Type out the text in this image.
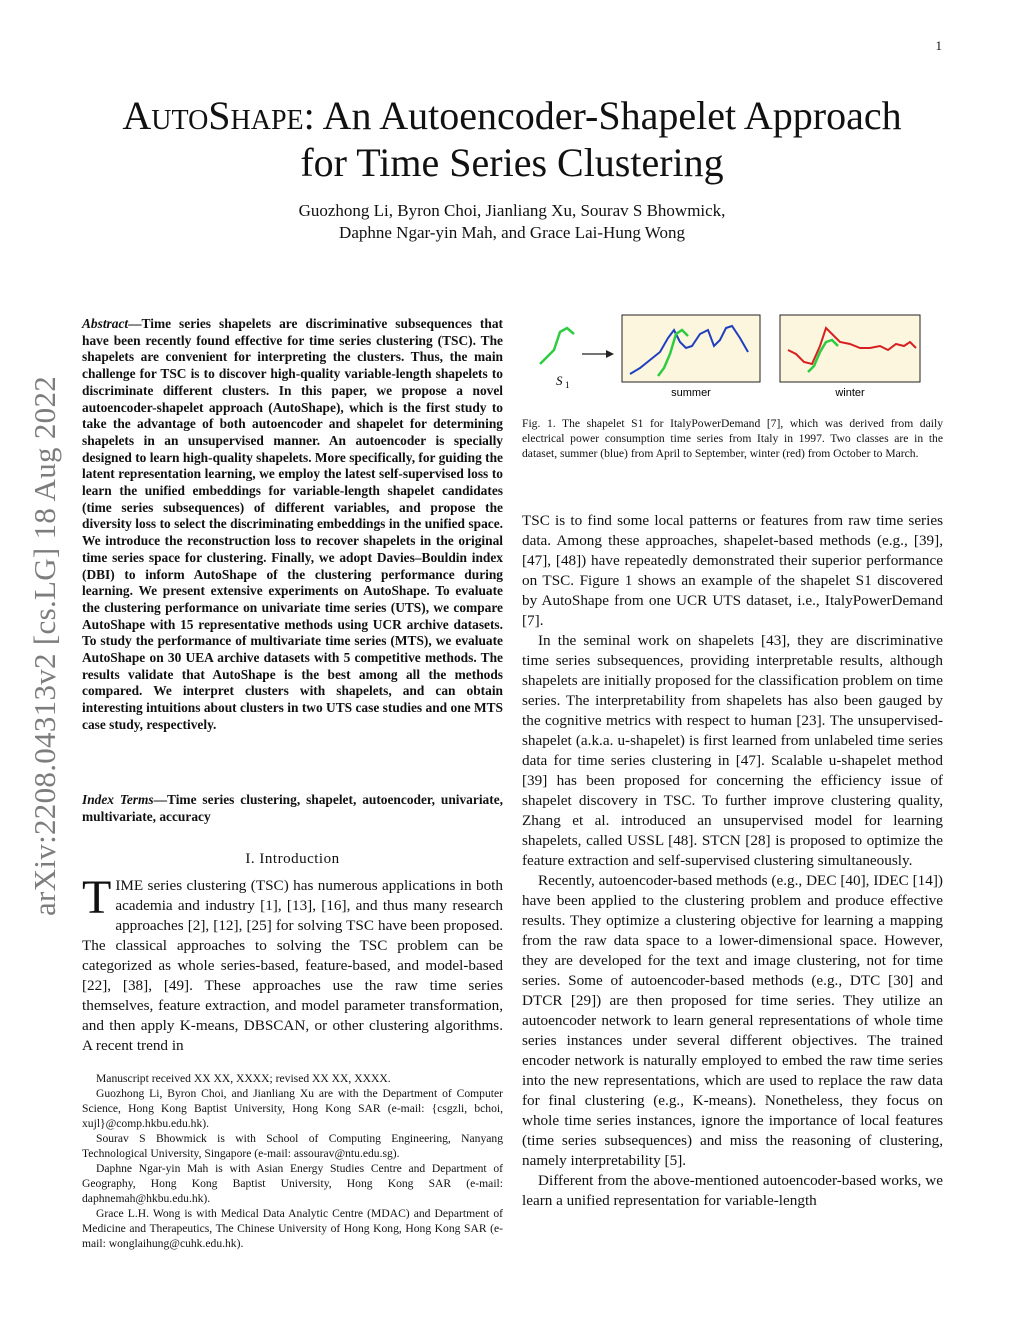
1
arXiv:2208.04313v2 [cs.LG] 18 Aug 2022
AutoShape: An Autoencoder-Shapelet Approach
for Time Series Clustering
Guozhong Li, Byron Choi, Jianliang Xu, Sourav S Bhowmick,
Daphne Ngar-yin Mah, and Grace Lai-Hung Wong
Abstract—Time series shapelets are discriminative subsequences that have been recently found effective for time series clustering (TSC). The shapelets are convenient for interpreting the clusters. Thus, the main challenge for TSC is to discover high-quality variable-length shapelets to discriminate different clusters. In this paper, we propose a novel autoencoder-shapelet approach (AutoShape), which is the first study to take the advantage of both autoencoder and shapelet for determining shapelets in an unsupervised manner. An autoencoder is specially designed to learn high-quality shapelets. More specifically, for guiding the latent representation learning, we employ the latest self-supervised loss to learn the unified embeddings for variable-length shapelet candidates (time series subsequences) of different variables, and propose the diversity loss to select the discriminating embeddings in the unified space. We introduce the reconstruction loss to recover shapelets in the original time series space for clustering. Finally, we adopt Davies–Bouldin index (DBI) to inform AutoShape of the clustering performance during learning. We present extensive experiments on AutoShape. To evaluate the clustering performance on univariate time series (UTS), we compare AutoShape with 15 representative methods using UCR archive datasets. To study the performance of multivariate time series (MTS), we evaluate AutoShape on 30 UEA archive datasets with 5 competitive methods. The results validate that AutoShape is the best among all the methods compared. We interpret clusters with shapelets, and can obtain interesting intuitions about clusters in two UTS case studies and one MTS case study, respectively.
Index Terms—Time series clustering, shapelet, autoencoder, univariate, multivariate, accuracy
I. Introduction
TIME series clustering (TSC) has numerous applications in both academia and industry [1], [13], [16], and thus many research approaches [2], [12], [25] for solving TSC have been proposed. The classical approaches to solving the TSC problem can be categorized as whole series-based, feature-based, and model-based [22], [38], [49]. These approaches use the raw time series themselves, feature extraction, and model parameter transformation, and then apply K-means, DBSCAN, or other clustering algorithms. A recent trend in

Manuscript received XX XX, XXXX; revised XX XX, XXXX.

Guozhong Li, Byron Choi, and Jianliang Xu are with the Department of Computer Science, Hong Kong Baptist University, Hong Kong SAR (e-mail: {csgzli, bchoi, xujl}@comp.hkbu.edu.hk).

Sourav S Bhowmick is with School of Computing Engineering, Nanyang Technological University, Singapore (e-mail: assourav@ntu.edu.sg).

Daphne Ngar-yin Mah is with Asian Energy Studies Centre and Department of Geography, Hong Kong Baptist University, Hong Kong SAR (e-mail: daphnemah@hkbu.edu.hk).

Grace L.H. Wong is with Medical Data Analytic Centre (MDAC) and Department of Medicine and Therapeutics, The Chinese University of Hong Kong, Hong Kong SAR (e-mail: wonglaihung@cuhk.edu.hk).

S 1
summer	winter
Fig. 1. The shapelet S1 for ItalyPowerDemand [7], which was derived from daily electrical power consumption time series from Italy in 1997. Two classes are in the dataset, summer (blue) from April to September, winter (red) from October to March.

TSC is to find some local patterns or features from raw time series data. Among these approaches, shapelet-based methods (e.g., [39], [47], [48]) have repeatedly demonstrated their superior performance on TSC. Figure 1 shows an example of the shapelet S1 discovered by AutoShape from one UCR UTS dataset, i.e., ItalyPowerDemand [7].

In the seminal work on shapelets [43], they are discriminative time series subsequences, providing interpretable results, although shapelets are initially proposed for the classification problem on time series. The interpretability from shapelets has also been gauged by the cognitive metrics with respect to human [23]. The unsupervised-shapelet (a.k.a. u-shapelet) is first learned from unlabeled time series data for time series clustering in [47]. Scalable u-shapelet method [39] has been proposed for concerning the efficiency issue of shapelet discovery in TSC. To further improve clustering quality, Zhang et al. introduced an unsupervised model for learning shapelets, called USSL [48]. STCN [28] is proposed to optimize the feature extraction and self-supervised clustering simultaneously.

Recently, autoencoder-based methods (e.g., DEC [40], IDEC [14]) have been applied to the clustering problem and produce effective results. They optimize a clustering objective for learning a mapping from the raw data space to a lower-dimensional space. However, they are developed for the text and image clustering, not for time series. Some of autoencoder-based methods (e.g., DTC [30] and DTCR [29]) are then proposed for time series. They utilize an autoencoder network to learn general representations of whole time series instances under several different objectives. The trained encoder network is naturally employed to embed the raw time series into the new representations, which are used to replace the raw data for final clustering (e.g., K-means). Nonetheless, they focus on whole time series instances, ignore the importance of local features (time series subsequences) and miss the reasoning of clustering, namely interpretability [5].

Different from the above-mentioned autoencoder-based works, we learn a unified representation for variable-length
